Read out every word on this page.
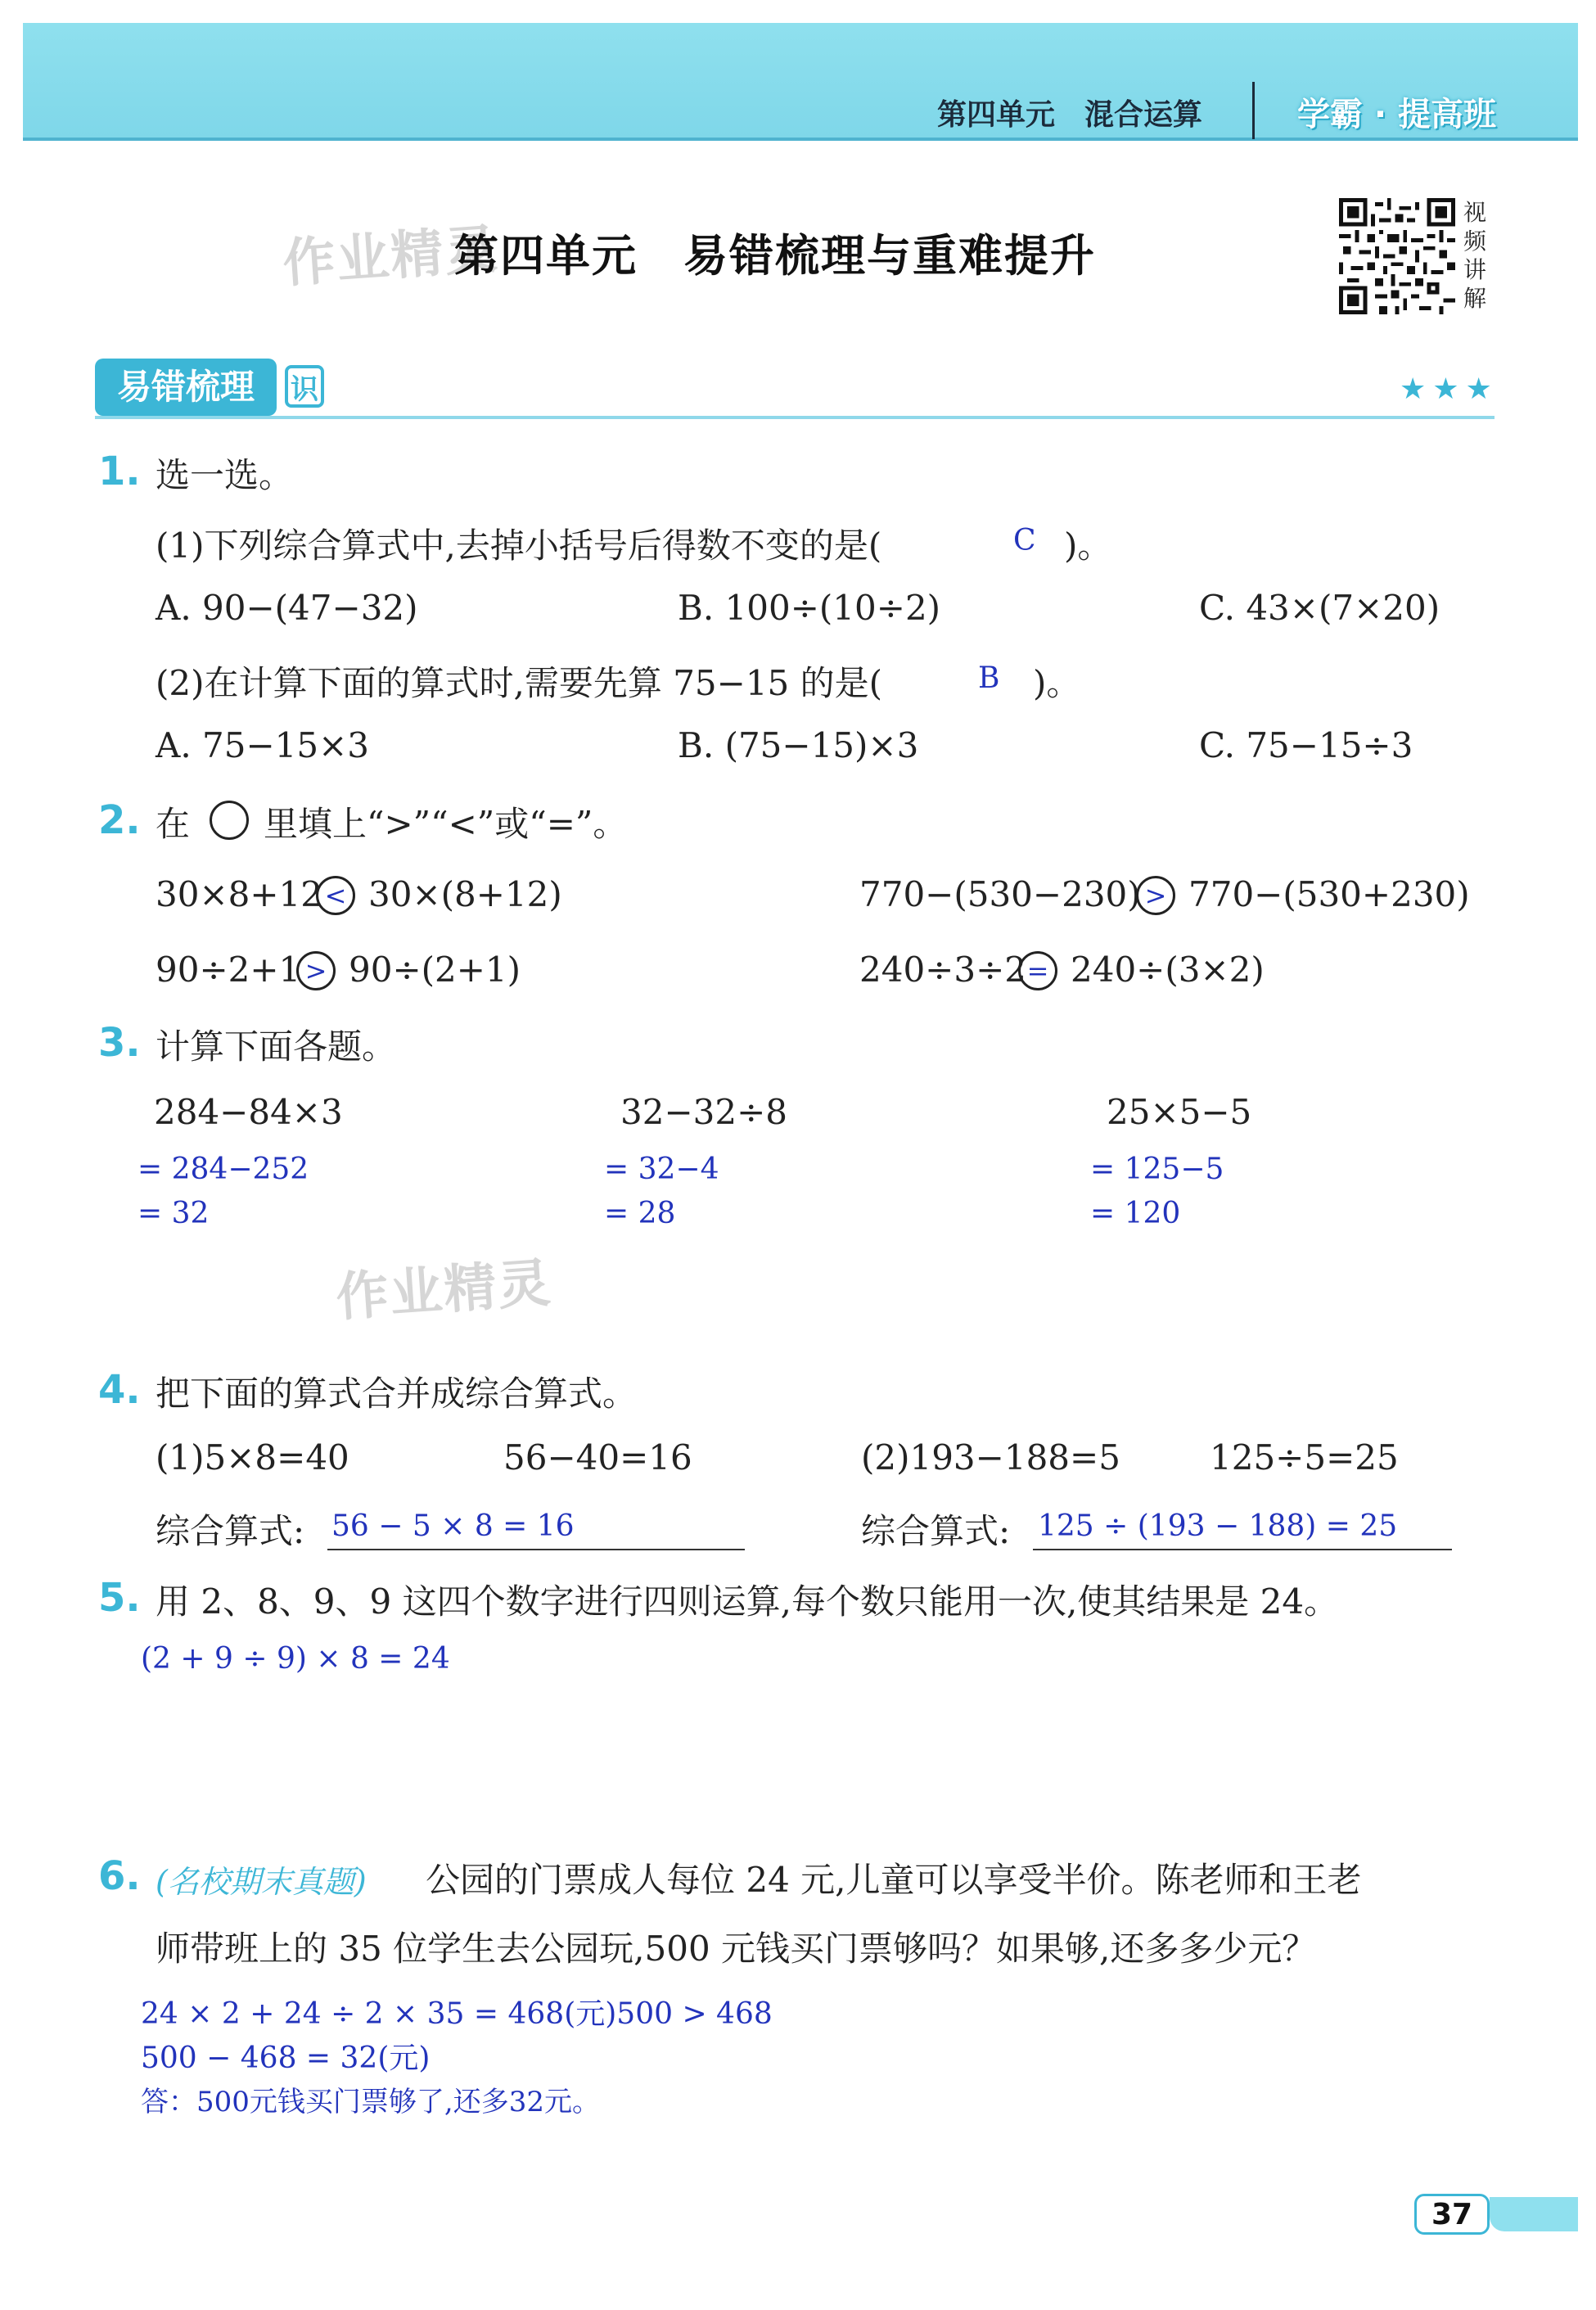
第四单元　混合运算	学霸 · 提高班
作业精灵
作业精灵
第四单元　易错梳理与重难提升
视频讲解
易错梳理	识	★★★
1. 选一选。
(1)下列综合算式中,去掉小括号后得数不变的是(	C )。
A. 90−(47−32)	B. 100÷(10÷2)	C. 43×(7×20)
(2)在计算下面的算式时,需要先算 75−15 的是(	B )。
A. 75−15×3	B. (75−15)×3	C. 75−15÷3
2. 在 里填上“>”“<”或“=”。
30×8+12 < 30×(8+12)	770−(530−230) > 770−(530+230)
90÷2+1 > 90÷(2+1)	240÷3÷2 = 240÷(3×2)
3. 计算下面各题。
284−84×3
= 284−252
= 32
32−32÷8
= 32−4
= 28
25×5−5
= 125−5
= 120
4. 把下面的算式合并成综合算式。
(1)5×8=40	56−40=16	(2)193−188=5	125÷5=25
综合算式: 56 − 5 × 8 = 16	综合算式: 125 ÷ (193 − 188) = 25
5. 用 2、8、9、9 这四个数字进行四则运算,每个数只能用一次,使其结果是 24。
(2 + 9 ÷ 9) × 8 = 24
6. (名校期末真题) 公园的门票成人每位 24 元,儿童可以享受半价。陈老师和王老
师带班上的 35 位学生去公园玩,500 元钱买门票够吗？如果够,还多多少元？
24 × 2 + 24 ÷ 2 × 35 = 468(元)500 > 468
500 − 468 = 32(元)
答：500元钱买门票够了,还多32元。
37
